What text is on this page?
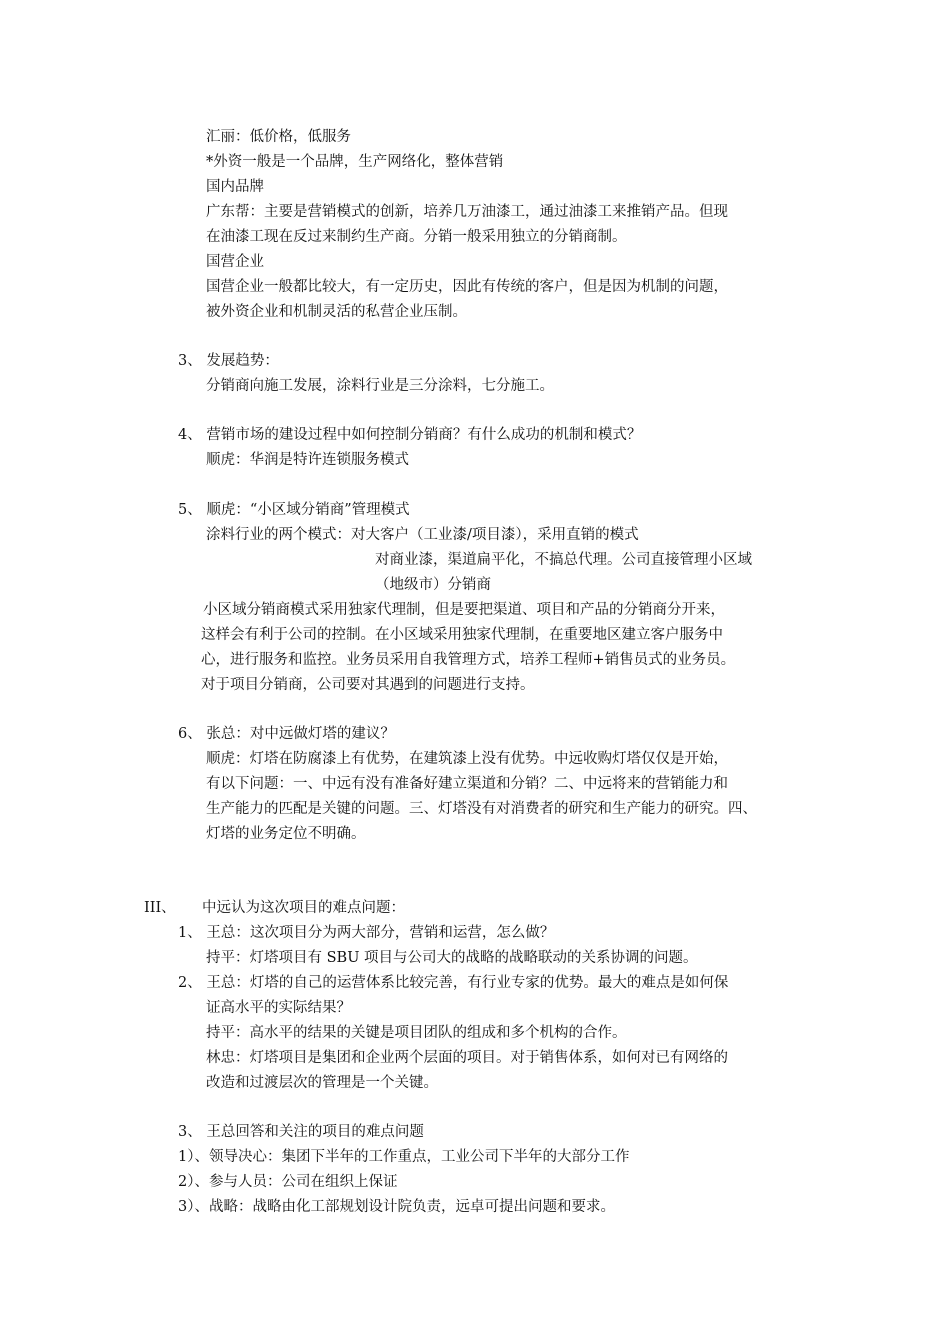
汇丽：低价格，低服务
*外资一般是一个品牌，生产网络化，整体营销
国内品牌
广东帮：主要是营销模式的创新，培养几万油漆工，通过油漆工来推销产品。但现
在油漆工现在反过来制约生产商。分销一般采用独立的分销商制。
国营企业
国营企业一般都比较大，有一定历史，因此有传统的客户，但是因为机制的问题，
被外资企业和机制灵活的私营企业压制。
3、 发展趋势：
分销商向施工发展，涂料行业是三分涂料，七分施工。
4、 营销市场的建设过程中如何控制分销商？有什么成功的机制和模式？
顺虎：华润是特许连锁服务模式
5、 顺虎：“小区域分销商”管理模式
涂料行业的两个模式：对大客户（工业漆/项目漆），采用直销的模式
对商业漆，渠道扁平化，不搞总代理。公司直接管理小区域
（地级市）分销商
小区域分销商模式采用独家代理制，但是要把渠道、项目和产品的分销商分开来，
这样会有利于公司的控制。在小区域采用独家代理制，在重要地区建立客户服务中
心，进行服务和监控。业务员采用自我管理方式，培养工程师+销售员式的业务员。
对于项目分销商，公司要对其遇到的问题进行支持。
6、 张总：对中远做灯塔的建议？
顺虎：灯塔在防腐漆上有优势，在建筑漆上没有优势。中远收购灯塔仅仅是开始，
有以下问题：一、中远有没有准备好建立渠道和分销？二、中远将来的营销能力和
生产能力的匹配是关键的问题。三、灯塔没有对消费者的研究和生产能力的研究。四、
灯塔的业务定位不明确。
III、 中远认为这次项目的难点问题：
1、 王总：这次项目分为两大部分，营销和运营，怎么做？
持平：灯塔项目有 SBU 项目与公司大的战略的战略联动的关系协调的问题。
2、 王总：灯塔的自己的运营体系比较完善，有行业专家的优势。最大的难点是如何保
证高水平的实际结果？
持平：高水平的结果的关键是项目团队的组成和多个机构的合作。
林忠：灯塔项目是集团和企业两个层面的项目。对于销售体系，如何对已有网络的
改造和过渡层次的管理是一个关键。
3、 王总回答和关注的项目的难点问题
1）、领导决心：集团下半年的工作重点，工业公司下半年的大部分工作
2）、参与人员：公司在组织上保证
3）、战略：战略由化工部规划设计院负责，远卓可提出问题和要求。
